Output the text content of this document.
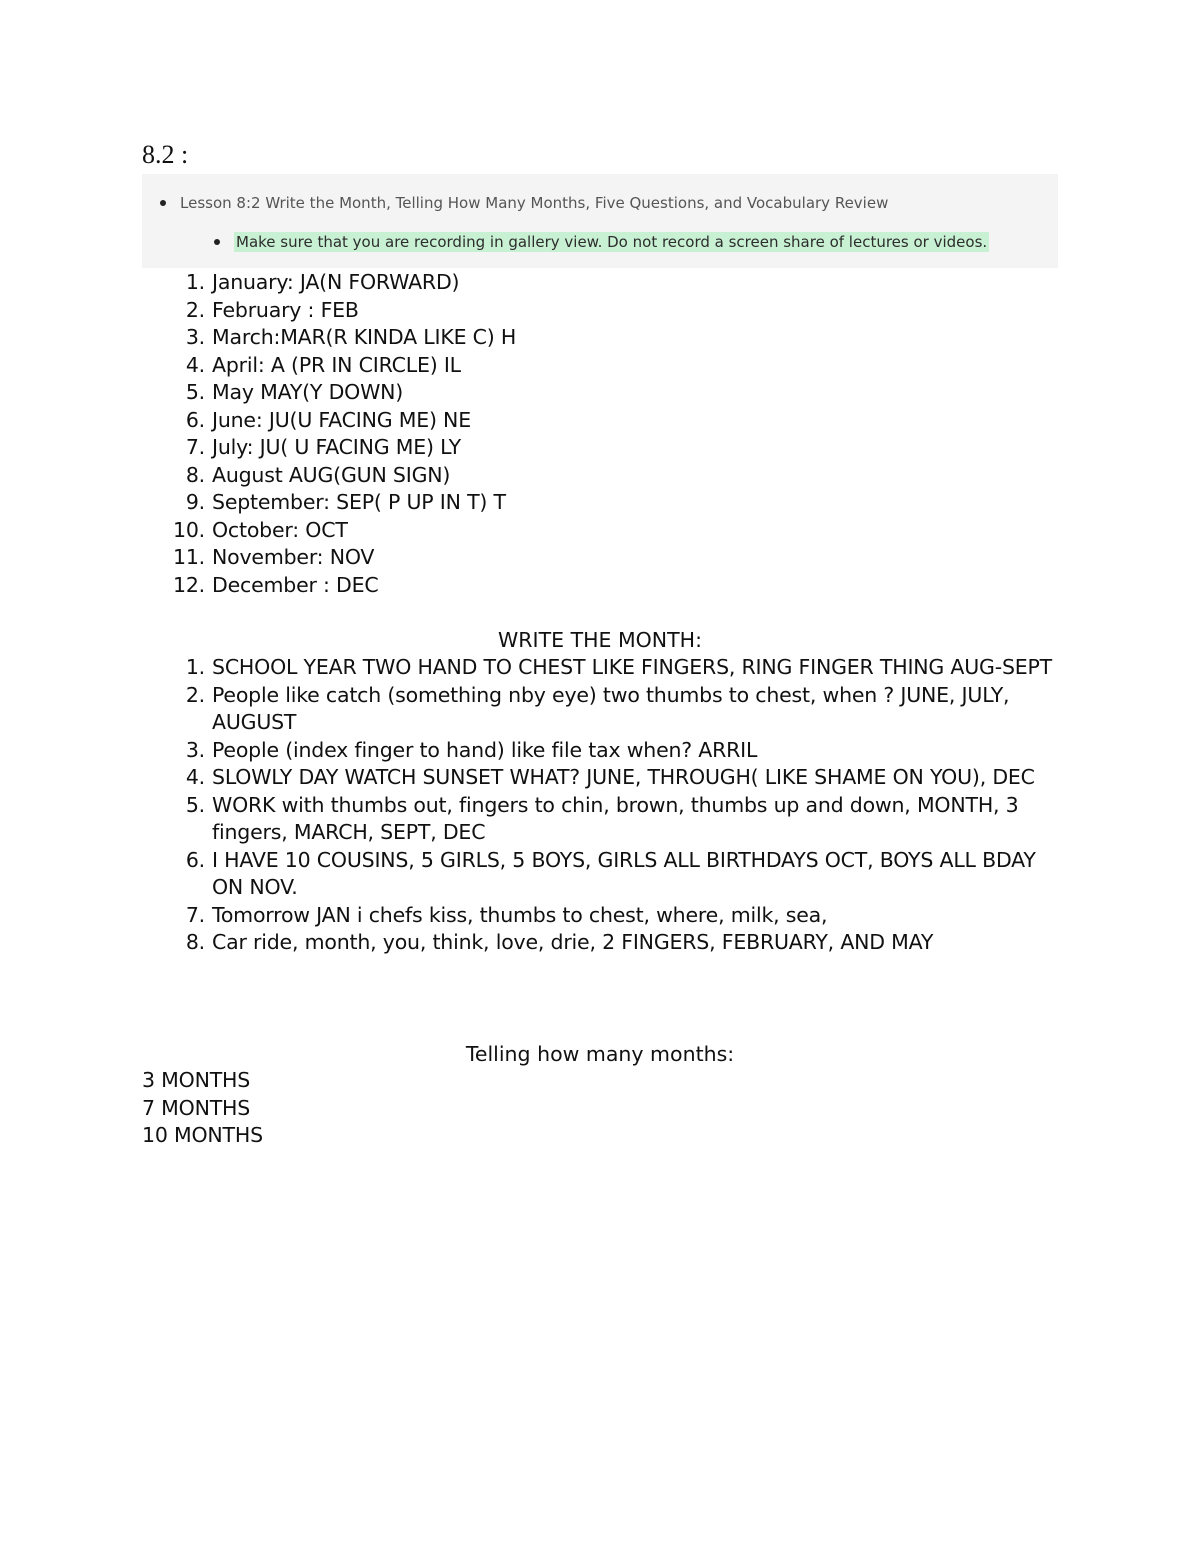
8.2 :
Lesson 8:2 Write the Month, Telling How Many Months, Five Questions, and Vocabulary Review
Make sure that you are recording in gallery view. Do not record a screen share of lectures or videos.
1. January: JA(N FORWARD)
2. February : FEB
3. March:MAR(R KINDA LIKE C) H
4. April: A (PR IN CIRCLE) IL
5. May MAY(Y DOWN)
6. June: JU(U FACING ME) NE
7. July: JU( U FACING ME) LY
8. August AUG(GUN SIGN)
9. September: SEP( P UP IN T) T
10. October: OCT
11. November: NOV
12. December : DEC
WRITE THE MONTH:
1. SCHOOL YEAR TWO HAND TO CHEST LIKE FINGERS, RING FINGER THING AUG-SEPT
2. People like catch (something nby eye) two thumbs to chest, when ? JUNE, JULY, AUGUST
3. People (index finger to hand) like file tax when? ARRIL
4. SLOWLY DAY WATCH SUNSET WHAT? JUNE, THROUGH( LIKE SHAME ON YOU), DEC
5. WORK with thumbs out, fingers to chin, brown, thumbs up and down, MONTH, 3 fingers, MARCH, SEPT, DEC
6. I HAVE 10 COUSINS, 5 GIRLS, 5 BOYS, GIRLS ALL BIRTHDAYS OCT, BOYS ALL BDAY ON NOV.
7. Tomorrow JAN i chefs kiss, thumbs to chest, where, milk, sea,
8. Car ride, month, you, think, love, drie, 2 FINGERS, FEBRUARY, AND MAY
Telling how many months:
3 MONTHS
7 MONTHS
10 MONTHS
